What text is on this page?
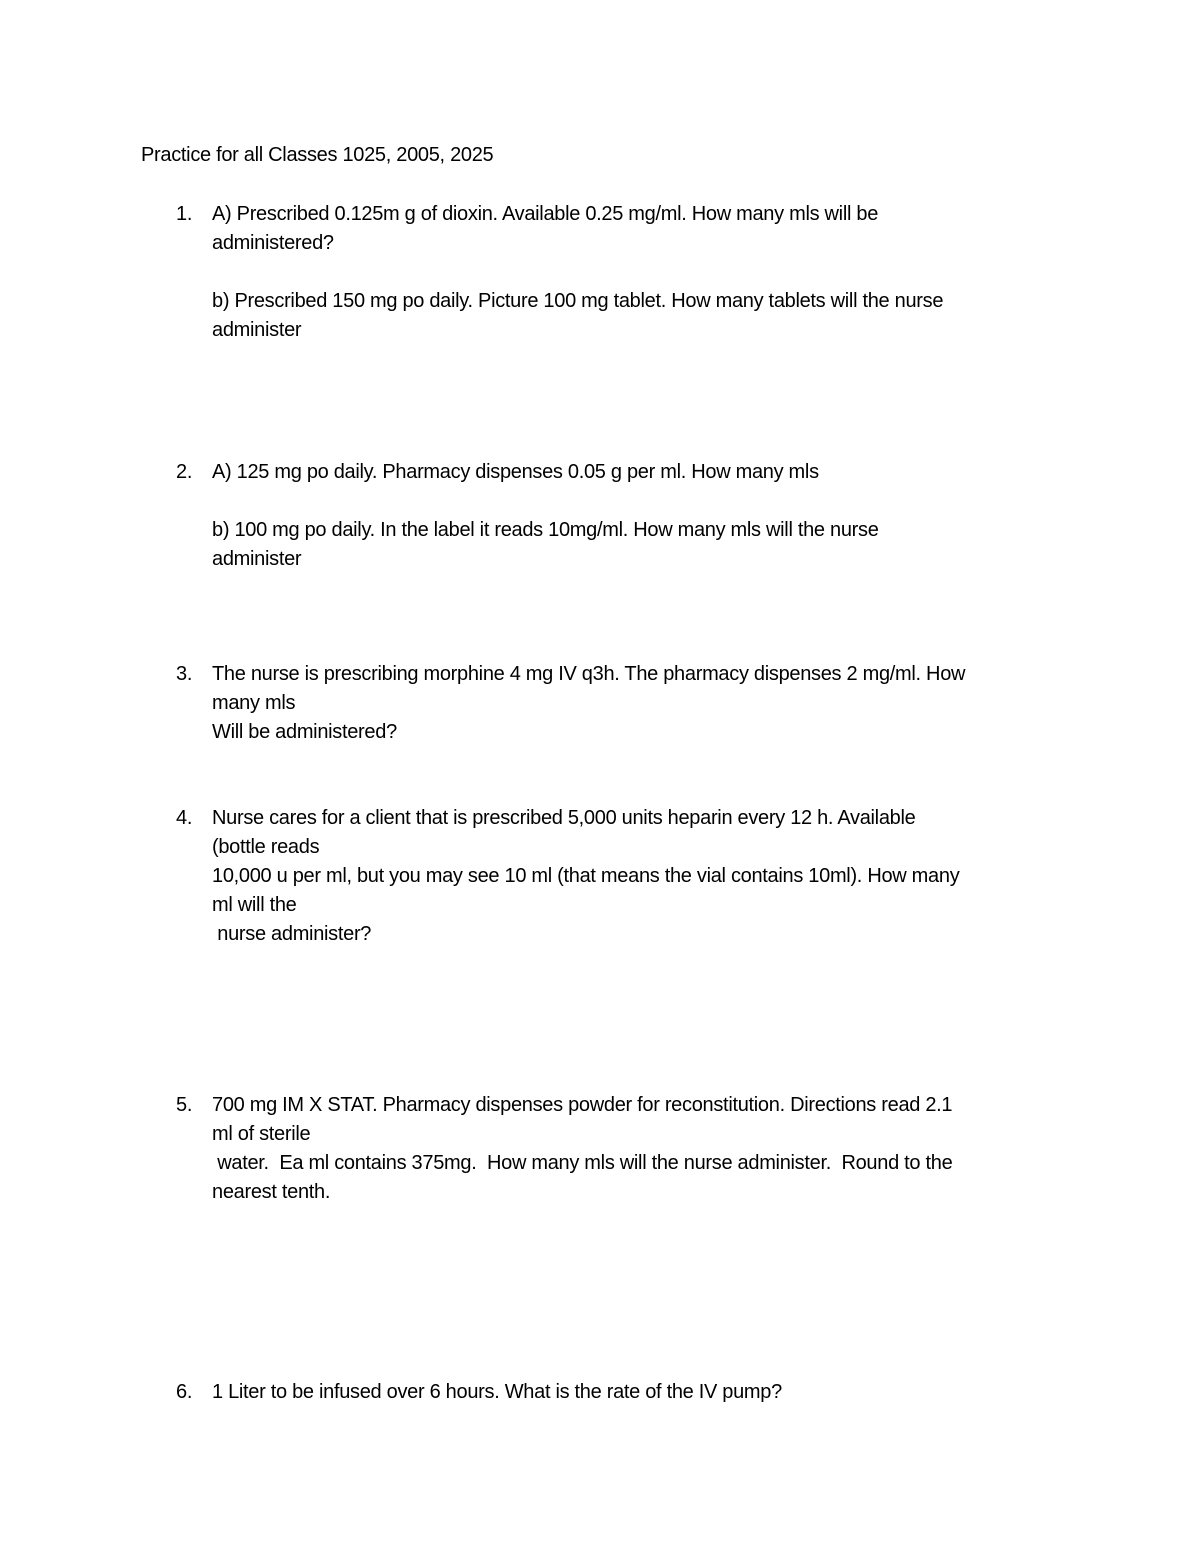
Practice for all Classes 1025, 2005, 2025
1. A) Prescribed 0.125m g of dioxin. Available 0.25 mg/ml. How many mls will be
administered?
b) Prescribed 150 mg po daily. Picture 100 mg tablet. How many tablets will the nurse
administer
2. A) 125 mg po daily. Pharmacy dispenses 0.05 g per ml. How many mls
b) 100 mg po daily. In the label it reads 10mg/ml. How many mls will the nurse
administer
3. The nurse is prescribing morphine 4 mg IV q3h. The pharmacy dispenses 2 mg/ml. How
many mls
Will be administered?
4. Nurse cares for a client that is prescribed 5,000 units heparin every 12 h. Available
(bottle reads
10,000 u per ml, but you may see 10 ml (that means the vial contains 10ml). How many
ml will the
nurse administer?
5. 700 mg IM X STAT. Pharmacy dispenses powder for reconstitution. Directions read 2.1
ml of sterile
water.  Ea ml contains 375mg.  How many mls will the nurse administer.  Round to the
nearest tenth.
6. 1 Liter to be infused over 6 hours. What is the rate of the IV pump?
